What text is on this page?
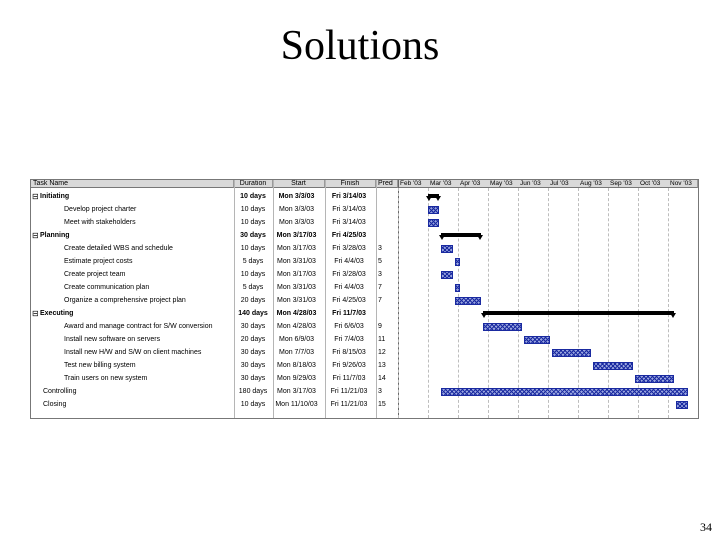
Solutions
Task Name	Duration	Start	Finish	Pred
⊟ Initiating	10 days	Mon 3/3/03	Fri 3/14/03
Develop project charter	10 days	Mon 3/3/03	Fri 3/14/03
Meet with stakeholders	10 days	Mon 3/3/03	Fri 3/14/03
⊟ Planning	30 days	Mon 3/17/03	Fri 4/25/03
Create detailed WBS and schedule	10 days	Mon 3/17/03	Fri 3/28/03	3
Estimate project costs	5 days	Mon 3/31/03	Fri 4/4/03	5
Create project team	10 days	Mon 3/17/03	Fri 3/28/03	3
Create communication plan	5 days	Mon 3/31/03	Fri 4/4/03	7
Organize a comprehensive project plan	20 days	Mon 3/31/03	Fri 4/25/03	7
⊟ Executing	140 days	Mon 4/28/03	Fri 11/7/03
Award and manage contract for S/W conversion	30 days	Mon 4/28/03	Fri 6/6/03	9
Install new software on servers	20 days	Mon 6/9/03	Fri 7/4/03	11
Install new H/W and S/W on client machines	30 days	Mon 7/7/03	Fri 8/15/03	12
Test new billing system	30 days	Mon 8/18/03	Fri 9/26/03	13
Train users on new system	30 days	Mon 9/29/03	Fri 11/7/03	14
Controlling	180 days	Mon 3/17/03	Fri 11/21/03	3
Closing	10 days	Mon 11/10/03	Fri 11/21/03	15
Feb '03 Mar '03 Apr '03 May '03 Jun '03 Jul '03 Aug '03 Sep '03 Oct '03 Nov '03
34
